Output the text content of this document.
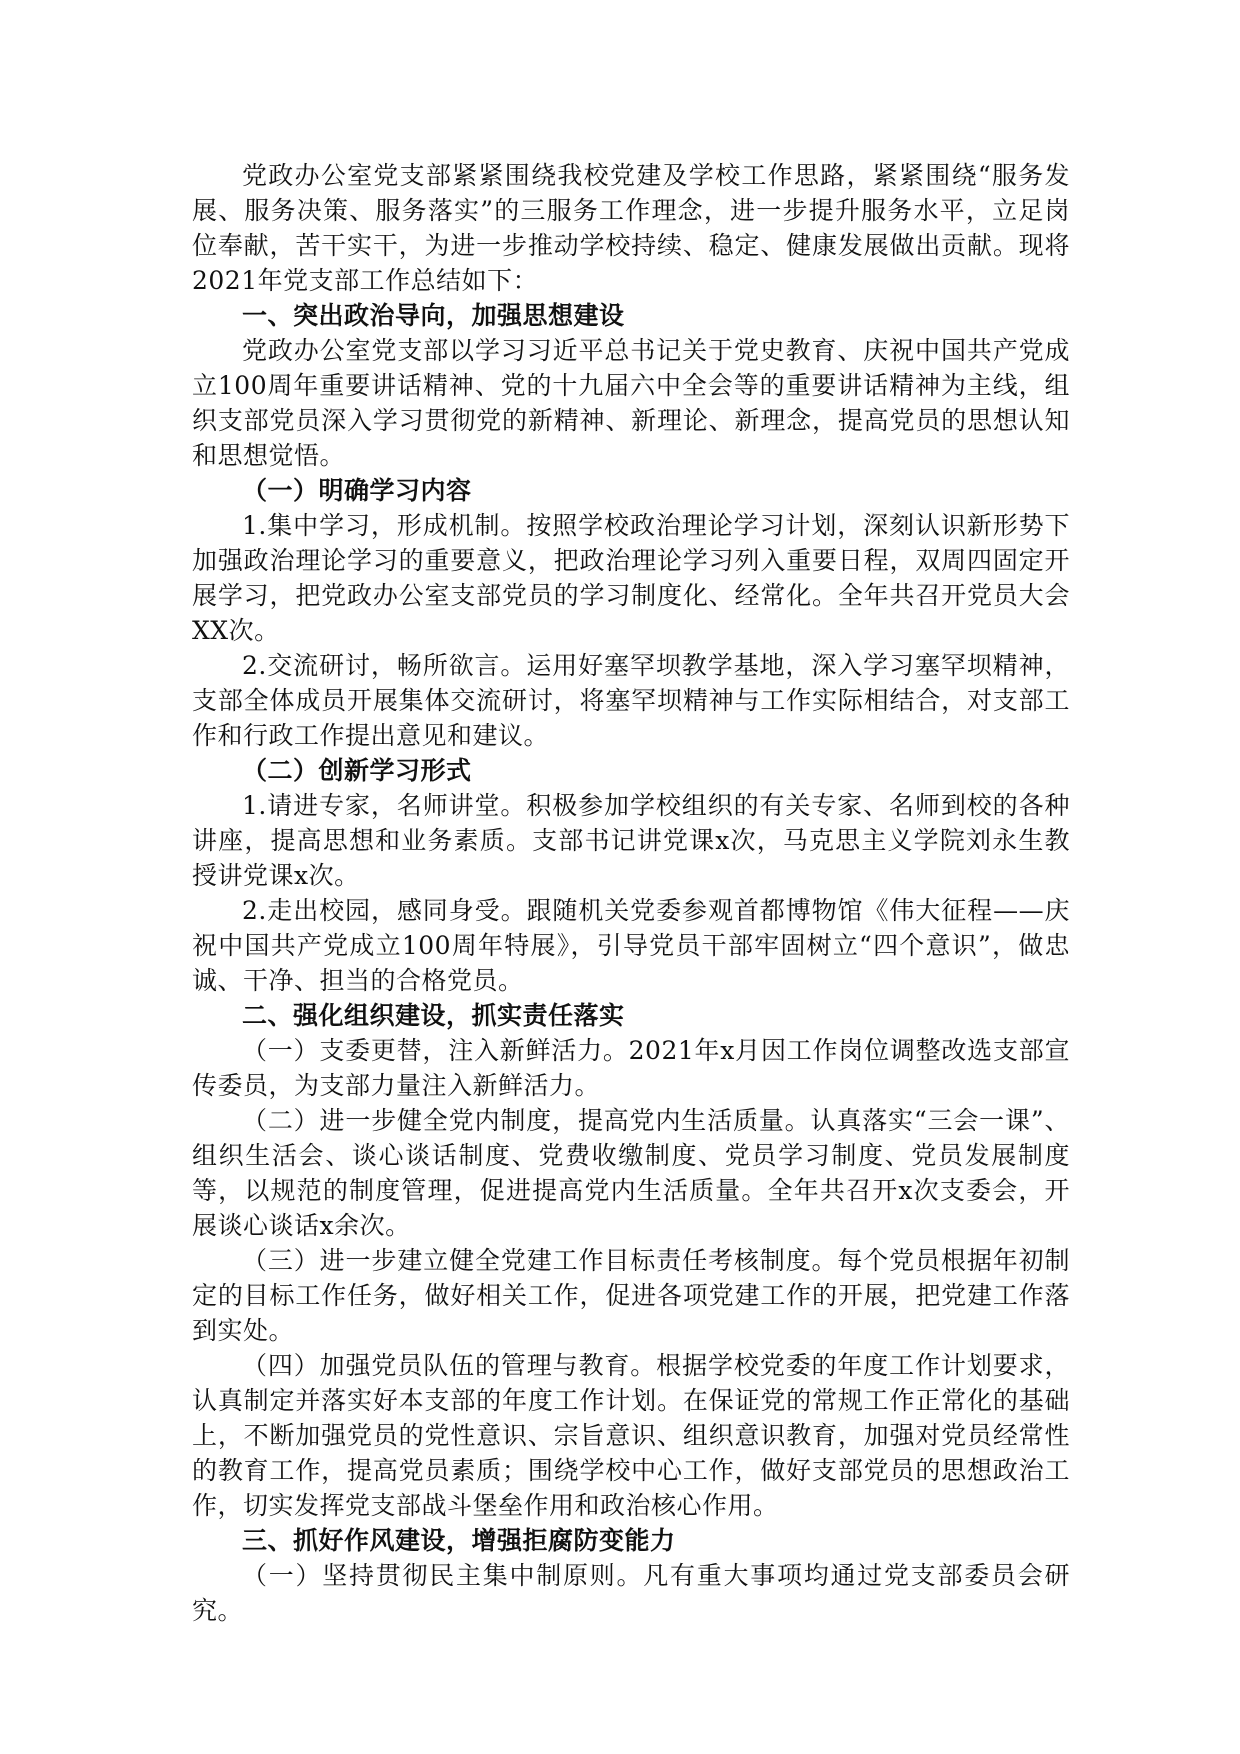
党政办公室党支部紧紧围绕我校党建及学校工作思路，紧紧围绕“服务发展、服务决策、服务落实”的三服务工作理念，进一步提升服务水平，立足岗位奉献，苦干实干，为进一步推动学校持续、稳定、健康发展做出贡献。现将2021年党支部工作总结如下：

一、突出政治导向，加强思想建设

党政办公室党支部以学习习近平总书记关于党史教育、庆祝中国共产党成立100周年重要讲话精神、党的十九届六中全会等的重要讲话精神为主线，组织支部党员深入学习贯彻党的新精神、新理论、新理念，提高党员的思想认知和思想觉悟。

（一）明确学习内容

1.集中学习，形成机制。按照学校政治理论学习计划，深刻认识新形势下加强政治理论学习的重要意义，把政治理论学习列入重要日程，双周四固定开展学习，把党政办公室支部党员的学习制度化、经常化。全年共召开党员大会XX次。

2.交流研讨，畅所欲言。运用好塞罕坝教学基地，深入学习塞罕坝精神，支部全体成员开展集体交流研讨，将塞罕坝精神与工作实际相结合，对支部工作和行政工作提出意见和建议。

（二）创新学习形式

1.请进专家，名师讲堂。积极参加学校组织的有关专家、名师到校的各种讲座，提高思想和业务素质。支部书记讲党课x次，马克思主义学院刘永生教授讲党课x次。

2.走出校园，感同身受。跟随机关党委参观首都博物馆《伟大征程——庆祝中国共产党成立100周年特展》，引导党员干部牢固树立“四个意识”，做忠诚、干净、担当的合格党员。

二、强化组织建设，抓实责任落实

（一）支委更替，注入新鲜活力。2021年x月因工作岗位调整改选支部宣传委员，为支部力量注入新鲜活力。

（二）进一步健全党内制度，提高党内生活质量。认真落实“三会一课”、组织生活会、谈心谈话制度、党费收缴制度、党员学习制度、党员发展制度等，以规范的制度管理，促进提高党内生活质量。全年共召开x次支委会，开展谈心谈话x余次。

（三）进一步建立健全党建工作目标责任考核制度。每个党员根据年初制定的目标工作任务，做好相关工作，促进各项党建工作的开展，把党建工作落到实处。

（四）加强党员队伍的管理与教育。根据学校党委的年度工作计划要求，认真制定并落实好本支部的年度工作计划。在保证党的常规工作正常化的基础上，不断加强党员的党性意识、宗旨意识、组织意识教育，加强对党员经常性的教育工作，提高党员素质；围绕学校中心工作，做好支部党员的思想政治工作，切实发挥党支部战斗堡垒作用和政治核心作用。

三、抓好作风建设，增强拒腐防变能力

（一）坚持贯彻民主集中制原则。凡有重大事项均通过党支部委员会研究。
